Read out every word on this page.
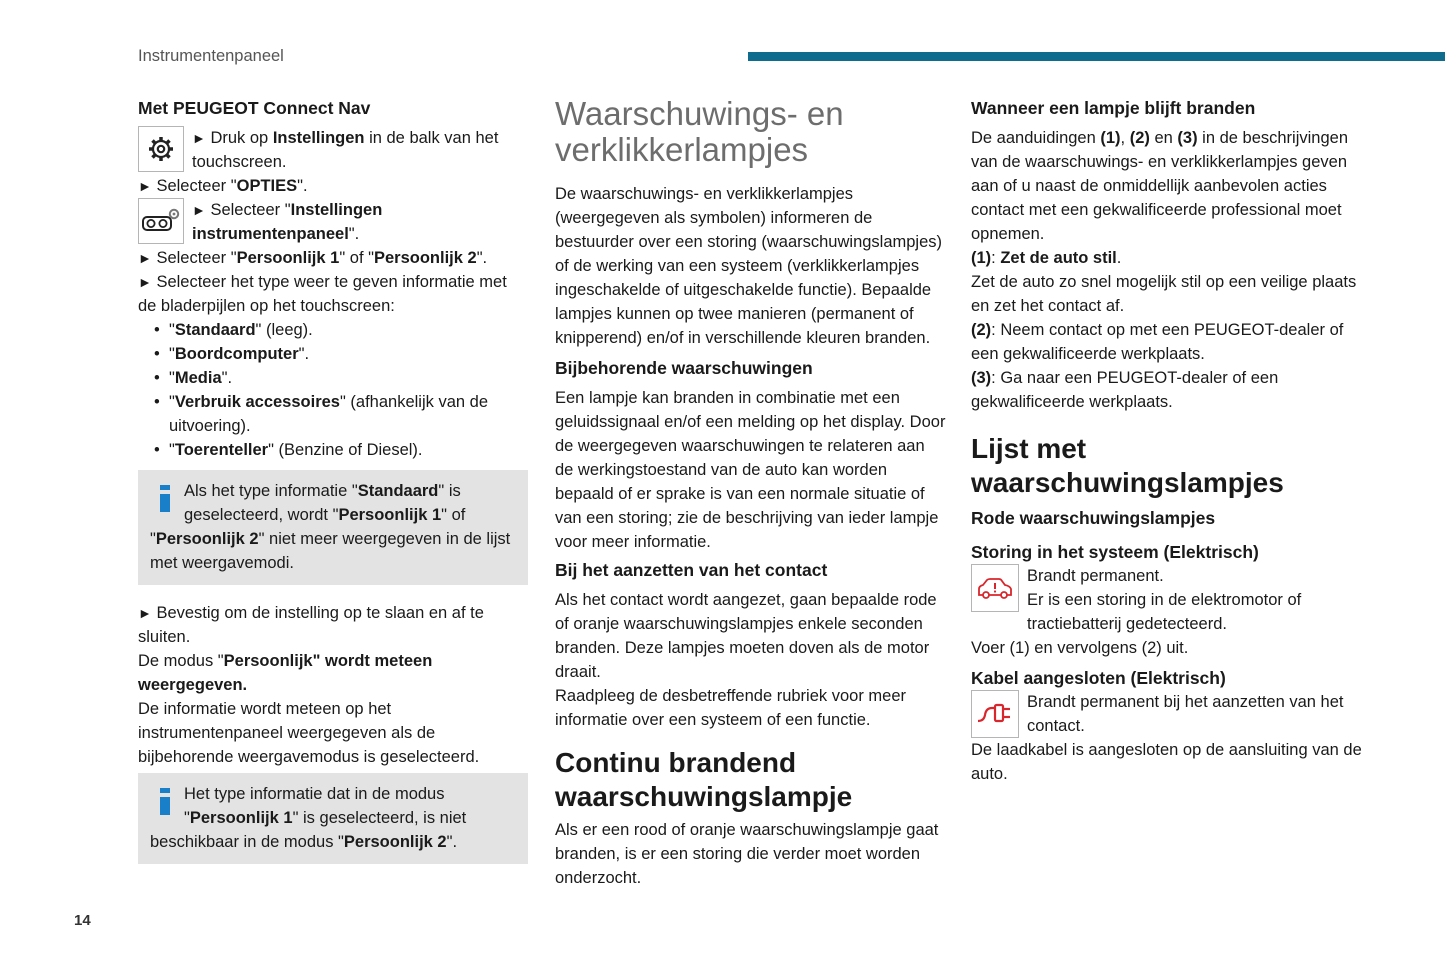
Instrumentenpaneel

Met PEUGEOT Connect Nav

► Druk op Instellingen in de balk van het touchscreen.

► Selecteer "OPTIES".

► Selecteer "Instellingen instrumentenpaneel".

► Selecteer "Persoonlijk 1" of "Persoonlijk 2".

► Selecteer het type weer te geven informatie met de bladerpijlen op het touchscreen:

• "Standaard" (leeg).
• "Boordcomputer".
• "Media".
• "Verbruik accessoires" (afhankelijk van de uitvoering).
• "Toerenteller" (Benzine of Diesel).

Als het type informatie "Standaard" is geselecteerd, wordt "Persoonlijk 1" of "Persoonlijk 2" niet meer weergegeven in de lijst met weergavemodi.

► Bevestig om de instelling op te slaan en af te sluiten.

De modus "Persoonlijk" wordt meteen weergegeven.

De informatie wordt meteen op het instrumentenpaneel weergegeven als de bijbehorende weergavemodus is geselecteerd.

Het type informatie dat in de modus "Persoonlijk 1" is geselecteerd, is niet beschikbaar in de modus "Persoonlijk 2".

Waarschuwings- en verklikkerlampjes

De waarschuwings- en verklikkerlampjes (weergegeven als symbolen) informeren de bestuurder over een storing (waarschuwingslampjes) of de werking van een systeem (verklikkerlampjes ingeschakelde of uitgeschakelde functie). Bepaalde lampjes kunnen op twee manieren (permanent of knipperend) en/of in verschillende kleuren branden.

Bijbehorende waarschuwingen

Een lampje kan branden in combinatie met een geluidssignaal en/of een melding op het display. Door de weergegeven waarschuwingen te relateren aan de werkingstoestand van de auto kan worden bepaald of er sprake is van een normale situatie of van een storing; zie de beschrijving van ieder lampje voor meer informatie.

Bij het aanzetten van het contact

Als het contact wordt aangezet, gaan bepaalde rode of oranje waarschuwingslampjes enkele seconden branden. Deze lampjes moeten doven als de motor draait.

Raadpleeg de desbetreffende rubriek voor meer informatie over een systeem of een functie.

Continu brandend waarschuwingslampje

Als er een rood of oranje waarschuwingslampje gaat branden, is er een storing die verder moet worden onderzocht.

Wanneer een lampje blijft branden

De aanduidingen (1), (2) en (3) in de beschrijvingen van de waarschuwings- en verklikkerlampjes geven aan of u naast de onmiddellijk aanbevolen acties contact met een gekwalificeerde professional moet opnemen.

(1): Zet de auto stil.

Zet de auto zo snel mogelijk stil op een veilige plaats en zet het contact af.

(2): Neem contact op met een PEUGEOT-dealer of een gekwalificeerde werkplaats.

(3): Ga naar een PEUGEOT-dealer of een gekwalificeerde werkplaats.

Lijst met waarschuwingslampjes

Rode waarschuwingslampjes

Storing in het systeem (Elektrisch)

Brandt permanent.

Er is een storing in de elektromotor of tractiebatterij gedetecteerd.

Voer (1) en vervolgens (2) uit.

Kabel aangesloten (Elektrisch)

Brandt permanent bij het aanzetten van het contact.

De laadkabel is aangesloten op de aansluiting van de auto.

14
